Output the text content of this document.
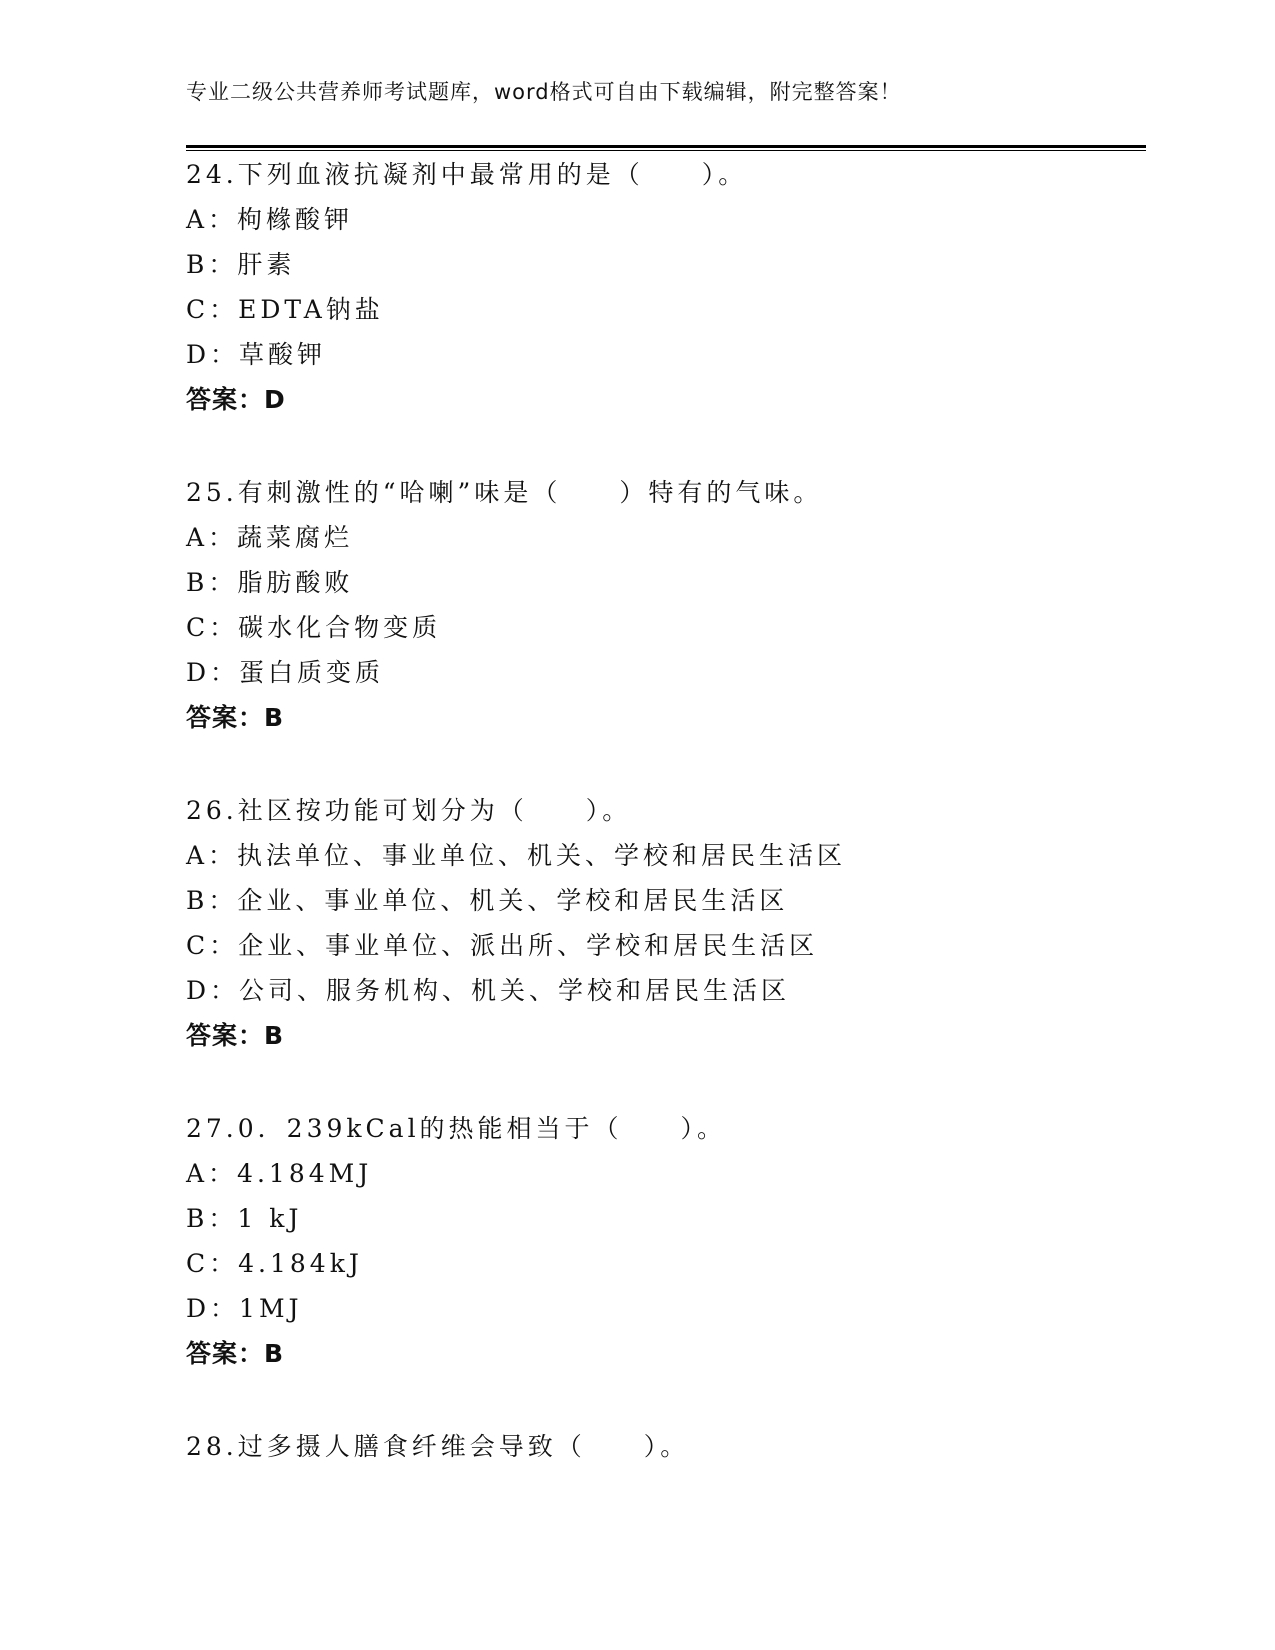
专业二级公共营养师考试题库，word格式可自由下载编辑，附完整答案！
24.下列血液抗凝剂中最常用的是（　　）。
A：枸橼酸钾
B：肝素
C：EDTA钠盐
D：草酸钾
答案：D
25.有刺激性的“哈喇”味是（　　）特有的气味。
A：蔬菜腐烂
B：脂肪酸败
C：碳水化合物变质
D：蛋白质变质
答案：B
26.社区按功能可划分为（　　）。
A：执法单位、事业单位、机关、学校和居民生活区
B：企业、事业单位、机关、学校和居民生活区
C：企业、事业单位、派出所、学校和居民生活区
D：公司、服务机构、机关、学校和居民生活区
答案：B
27.0．239kCal的热能相当于（　　）。
A：4.184MJ
B：1 kJ
C：4.184kJ
D：1MJ
答案：B
28.过多摄人膳食纤维会导致（　　）。
